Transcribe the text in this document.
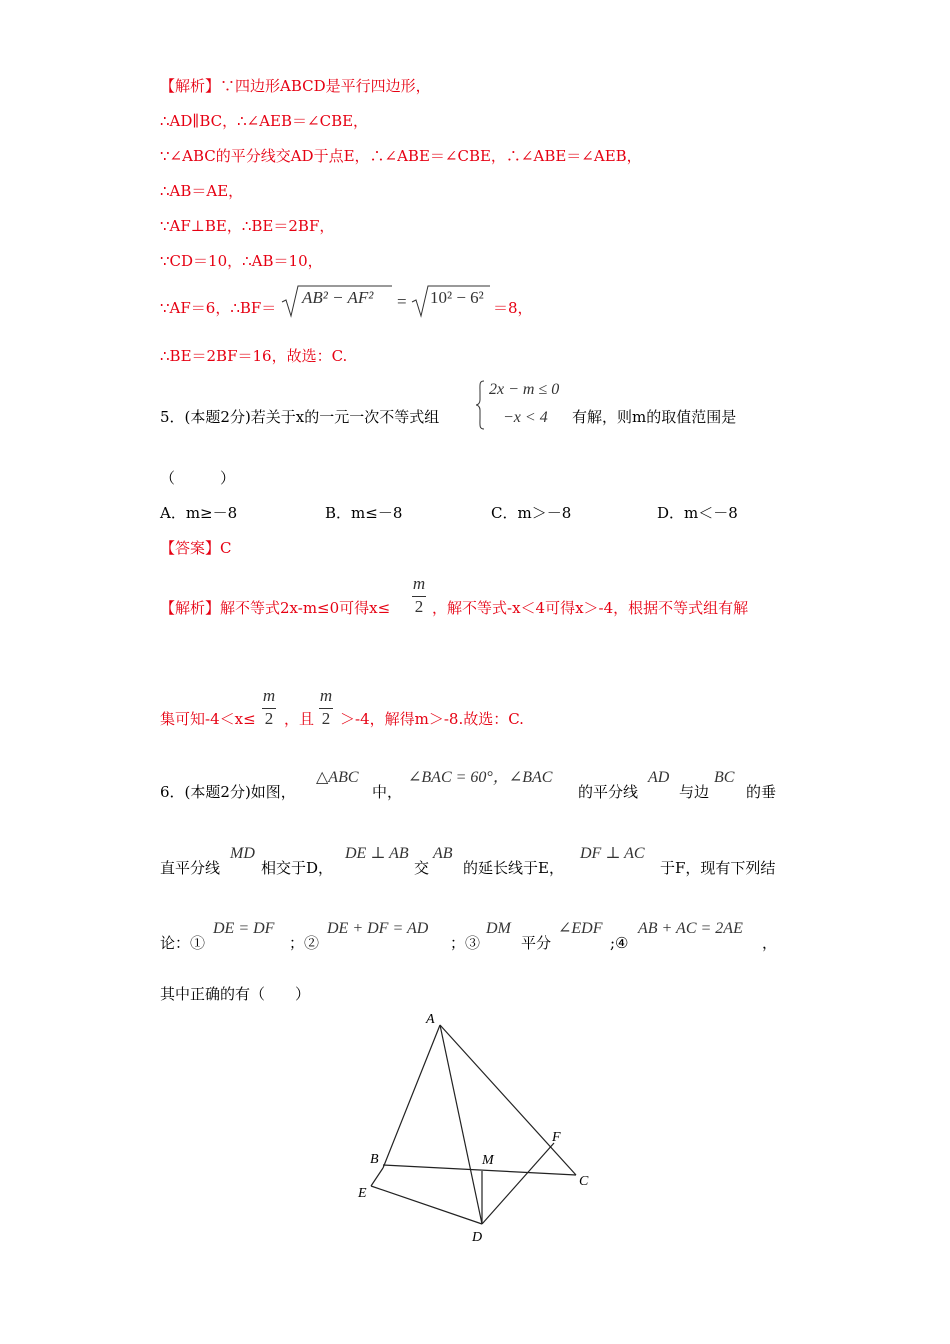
【解析】∵四边形ABCD是平行四边形，
∴AD∥BC，∴∠AEB＝∠CBE，
∵∠ABC的平分线交AD于点E，∴∠ABE＝∠CBE，∴∠ABE＝∠AEB，
∴AB＝AE，
∵AF⊥BE，∴BE＝2BF，
∵CD＝10，∴AB＝10，
∵AF＝6，∴BF＝
AB² − AF² = 10² − 6²
＝8，
∴BE＝2BF＝16，故选：C.
5．(本题2分)若关于x的一元一次不等式组
2x − m ≤ 0
−x < 4 有解，则m的取值范围是
（　　　）
A．m≥－8	B．m≤－8	C．m＞－8	D．m＜－8
【答案】C
【解析】解不等式2x-m≤0可得x≤
m
2 ，解不等式-x＜4可得x＞-4，根据不等式组有解
集可知-4＜x≤
m
2 ，且
m
2 ＞-4，解得m＞-8.故选：C.
6．(本题2分)如图，
△ABC
中，
∠BAC = 60°，∠BAC
的平分线
AD
与边
BC
的垂
直平分线
MD
相交于D，
DE ⊥ AB
交
AB
的延长线于E，
DF ⊥ AC
于F，现有下列结
论：①
DE = DF
；②
DE + DF = AD
；③
DM
平分
∠EDF
;④
AB + AC = 2AE
，
其中正确的有（　　）
A
B
C
D
E
F
M
